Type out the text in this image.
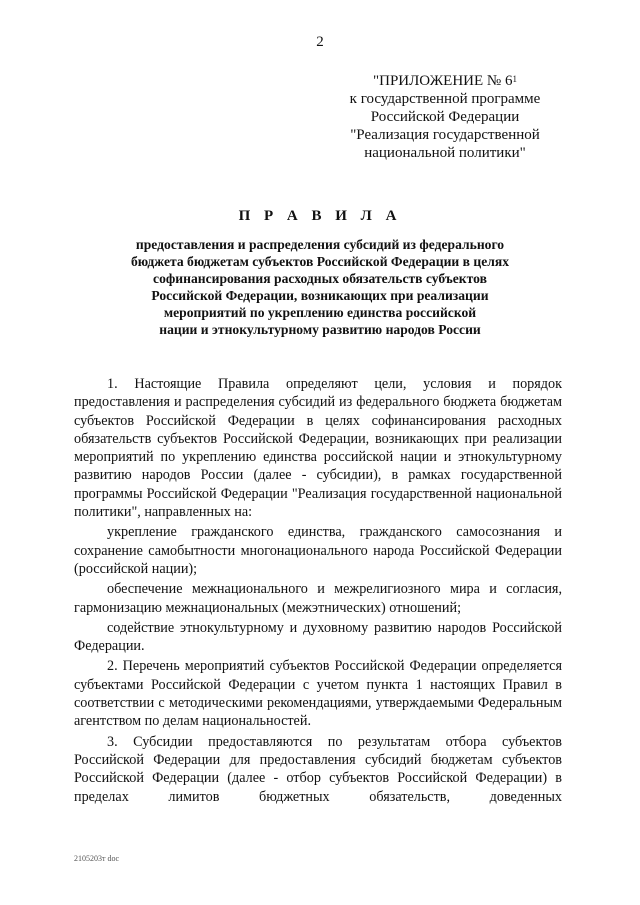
2
"ПРИЛОЖЕНИЕ № $6^1$
к государственной программе
Российской Федерации
"Реализация государственной
национальной политики"
П Р А В И Л А
предоставления и распределения субсидий из федерального
бюджета бюджетам субъектов Российской Федерации в целях
софинансирования расходных обязательств субъектов
Российской Федерации, возникающих при реализации
мероприятий по укреплению единства российской
нации и этнокультурному развитию народов России

1. Настоящие Правила определяют цели, условия и порядок предоставления и распределения субсидий из федерального бюджета бюджетам субъектов Российской Федерации в целях софинансирования расходных обязательств субъектов Российской Федерации, возникающих при реализации мероприятий по укреплению единства российской нации и этнокультурному развитию народов России (далее - субсидии), в рамках государственной программы Российской Федерации "Реализация государственной национальной политики", направленных на:

укрепление гражданского единства, гражданского самосознания и сохранение самобытности многонационального народа Российской Федерации (российской нации);

обеспечение межнационального и межрелигиозного мира и согласия, гармонизацию межнациональных (межэтнических) отношений;

содействие этнокультурному и духовному развитию народов Российской Федерации.

2. Перечень мероприятий субъектов Российской Федерации определяется субъектами Российской Федерации с учетом пункта 1 настоящих Правил в соответствии с методическими рекомендациями, утверждаемыми Федеральным агентством по делам национальностей.

3. Субсидии предоставляются по результатам отбора субъектов Российской Федерации для предоставления субсидий бюджетам субъектов Российской Федерации (далее - отбор субъектов Российской Федерации) в пределах лимитов бюджетных обязательств, доведенных

2105203т doc
